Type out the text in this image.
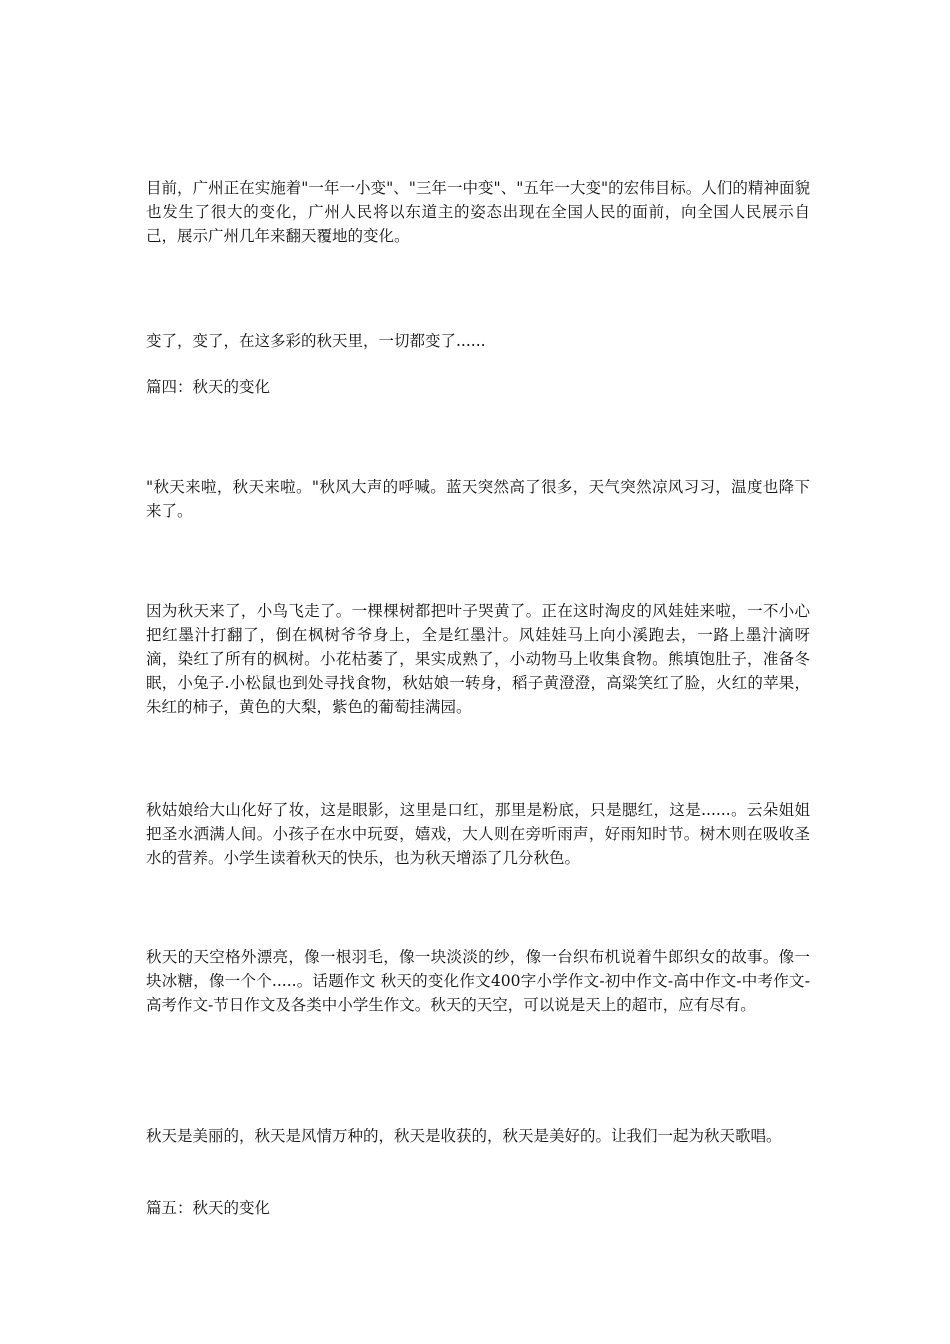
目前，广州正在实施着"一年一小变"、"三年一中变"、"五年一大变"的宏伟目标。人们的精神面貌也发生了很大的变化，广州人民将以东道主的姿态出现在全国人民的面前，向全国人民展示自己，展示广州几年来翻天覆地的变化。

变了，变了，在这多彩的秋天里，一切都变了......

篇四：秋天的变化

"秋天来啦，秋天来啦。"秋风大声的呼喊。蓝天突然高了很多，天气突然凉风习习，温度也降下来了。

因为秋天来了，小鸟飞走了。一棵棵树都把叶子哭黄了。正在这时淘皮的风娃娃来啦，一不小心把红墨汁打翻了，倒在枫树爷爷身上，全是红墨汁。风娃娃马上向小溪跑去，一路上墨汁滴呀滴，染红了所有的枫树。小花枯萎了，果实成熟了，小动物马上收集食物。熊填饱肚子，准备冬眠，小兔子.小松鼠也到处寻找食物，秋姑娘一转身，稻子黄澄澄，高粱笑红了脸，火红的苹果，朱红的柿子，黄色的大梨，紫色的葡萄挂满园。

秋姑娘给大山化好了妆，这是眼影，这里是口红，那里是粉底，只是腮红，这是......。云朵姐姐把圣水洒满人间。小孩子在水中玩耍，嬉戏，大人则在旁听雨声，好雨知时节。树木则在吸收圣水的营养。小学生读着秋天的快乐，也为秋天增添了几分秋色。

秋天的天空格外漂亮，像一根羽毛，像一块淡淡的纱，像一台织布机说着牛郎织女的故事。像一块冰糖，像一个个.....。话题作文 秋天的变化作文400字小学作文-初中作文-高中作文-中考作文-高考作文-节日作文及各类中小学生作文。秋天的天空，可以说是天上的超市，应有尽有。

秋天是美丽的，秋天是风情万种的，秋天是收获的，秋天是美好的。让我们一起为秋天歌唱。

篇五：秋天的变化
